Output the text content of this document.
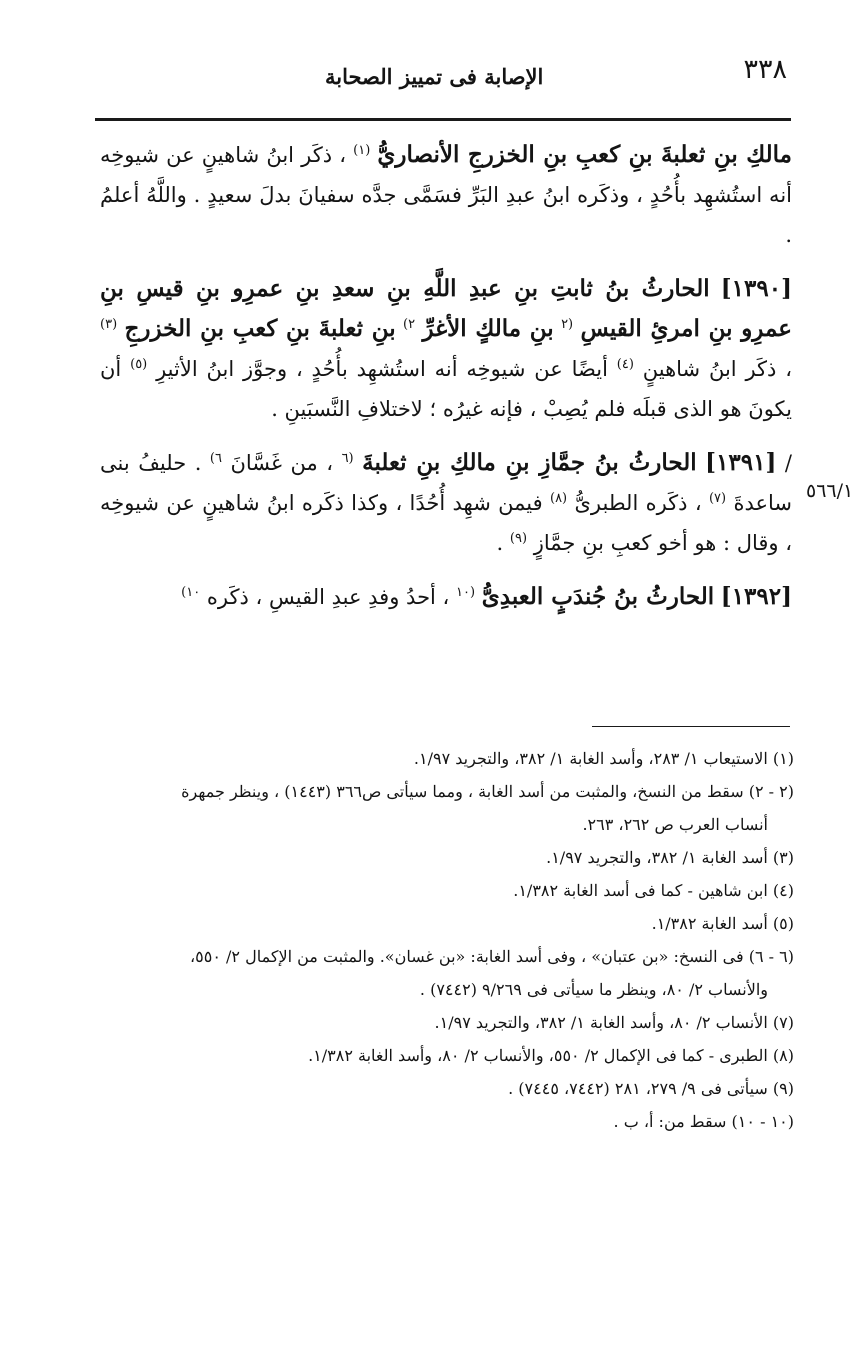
٣٣٨
الإصابة فى تمييز الصحابة
٥٦٦/١

مالكِ بنِ ثعلبةَ بنِ كعبِ بنِ الخزرجِ الأنصاريُّ $^{(١)}$ ، ذكَر ابنُ شاهينٍ عن شيوخِه أنه استُشهِد بأُحُدٍ ، وذكَره ابنُ عبدِ البَرِّ فسَمَّى جدَّه سفيانَ بدلَ سعيدٍ . واللَّهُ أعلمُ .

[١٣٩٠] الحارثُ بنُ ثابتِ بنِ عبدِ اللَّهِ بنِ سعدِ بنِ عمرِو بنِ قيسِ بنِ عمرِو بنِ امرئِ القيسِ $^{(٢}$ بنِ مالكٍ الأغرِّ $^{٢)}$ بنِ ثعلبةَ بنِ كعبِ بنِ الخزرجِ $^{(٣)}$ ، ذكَر ابنُ شاهينٍ $^{(٤)}$ أيضًا عن شيوخِه أنه استُشهِد بأُحُدٍ ، وجوَّز ابنُ الأثيرِ $^{(٥)}$ أن يكونَ هو الذى قبلَه فلم يُصِبْ ، فإنه غيرُه ؛ لاختلافِ النَّسبَينِ .

/ [١٣٩١] الحارثُ بنُ جمَّازِ بنِ مالكِ بنِ ثعلبةَ $^{(٦}$ ، من غَسَّانَ $^{٦)}$ . حليفُ بنى ساعدةَ $^{(٧)}$ ، ذكَره الطبرىُّ $^{(٨)}$ فيمن شهِد أُحُدًا ، وكذا ذكَره ابنُ شاهينٍ عن شيوخِه ، وقال : هو أخو كعبِ بنِ جمَّازٍ $^{(٩)}$ .

[١٣٩٢] الحارثُ بنُ جُندَبٍ العبدِىُّ $^{(١٠}$ ، أحدُ وفدِ عبدِ القيسِ ، ذكَره $^{١٠)}$

(١) الاستيعاب ١/ ٢٨٣، وأسد الغابة ١/ ٣٨٢، والتجريد ١/٩٧.

(٢ - ٢) سقط من النسخ، والمثبت من أسد الغابة ، ومما سيأتى ص٣٦٦ (١٤٤٣) ، وينظر جمهرة

أنساب العرب ص ٢٦٢، ٢٦٣.

(٣) أسد الغابة ١/ ٣٨٢، والتجريد ١/٩٧.

(٤) ابن شاهين - كما فى أسد الغابة ١/٣٨٢.

(٥) أسد الغابة ١/٣٨٢.

(٦ - ٦) فى النسخ: «بن عتبان» ، وفى أسد الغابة: «بن غسان». والمثبت من الإكمال ٢/ ٥٥٠،

والأنساب ٢/ ٨٠، وينظر ما سيأتى فى ٩/٢٦٩ (٧٤٤٢) .

(٧) الأنساب ٢/ ٨٠، وأسد الغابة ١/ ٣٨٢، والتجريد ١/٩٧.

(٨) الطبرى - كما فى الإكمال ٢/ ٥٥٠، والأنساب ٢/ ٨٠، وأسد الغابة ١/٣٨٢.

(٩) سيأتى فى ٩/ ٢٧٩، ٢٨١ (٧٤٤٢، ٧٤٤٥) .

(١٠ - ١٠) سقط من: أ، ب .
